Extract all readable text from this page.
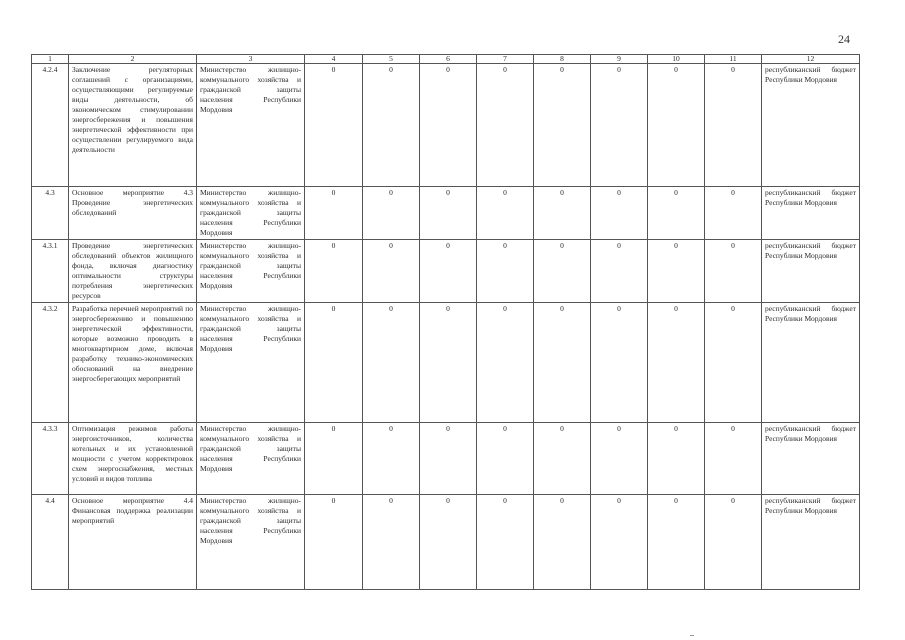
24
1	2	3	4	5	6	7	8	9	10	11	12
4.2.4	Заключение регуляторных соглашений с организациями, осуществляющими регулируемые виды деятельности, об экономическом стимулировании энергосбережения и повышения энергетической эффективности при осуществлении регулируемого вида деятельности	Министерство жилищно-коммунального хозяйства и гражданской защиты населения Республики Мордовия	0	0	0	0	0	0	0	0	республиканский бюджет Республики Мордовия
4.3	Основное мероприятие 4.3 Проведение энергетических обследований	Министерство жилищно-коммунального хозяйства и гражданской защиты населения Республики Мордовия	0	0	0	0	0	0	0	0	республиканский бюджет Республики Мордовия
4.3.1	Проведение энергетических обследований объектов жилищного фонда, включая диагностику оптимальности структуры потребления энергетических ресурсов	Министерство жилищно-коммунального хозяйства и гражданской защиты населения Республики Мордовия	0	0	0	0	0	0	0	0	республиканский бюджет Республики Мордовия
4.3.2	Разработка перечней мероприятий по энергосбережению и повышению энергетической эффективности, которые возможно проводить в многоквартирном доме, включая разработку технико-экономических обоснований на внедрение энергосберегающих мероприятий	Министерство жилищно-коммунального хозяйства и гражданской защиты населения Республики Мордовия	0	0	0	0	0	0	0	0	республиканский бюджет Республики Мордовия
4.3.3	Оптимизация режимов работы энергоисточников, количества котельных и их установленной мощности с учетом корректировок схем энергоснабжения, местных условий и видов топлива	Министерство жилищно-коммунального хозяйства и гражданской защиты населения Республики Мордовия	0	0	0	0	0	0	0	0	республиканский бюджет Республики Мордовия
4.4	Основное мероприятие 4.4 Финансовая поддержка реализации мероприятий	Министерство жилищно-коммунального хозяйства и гражданской защиты населения Республики Мордовия	0	0	0	0	0	0	0	0	республиканский бюджет Республики Мордовия
